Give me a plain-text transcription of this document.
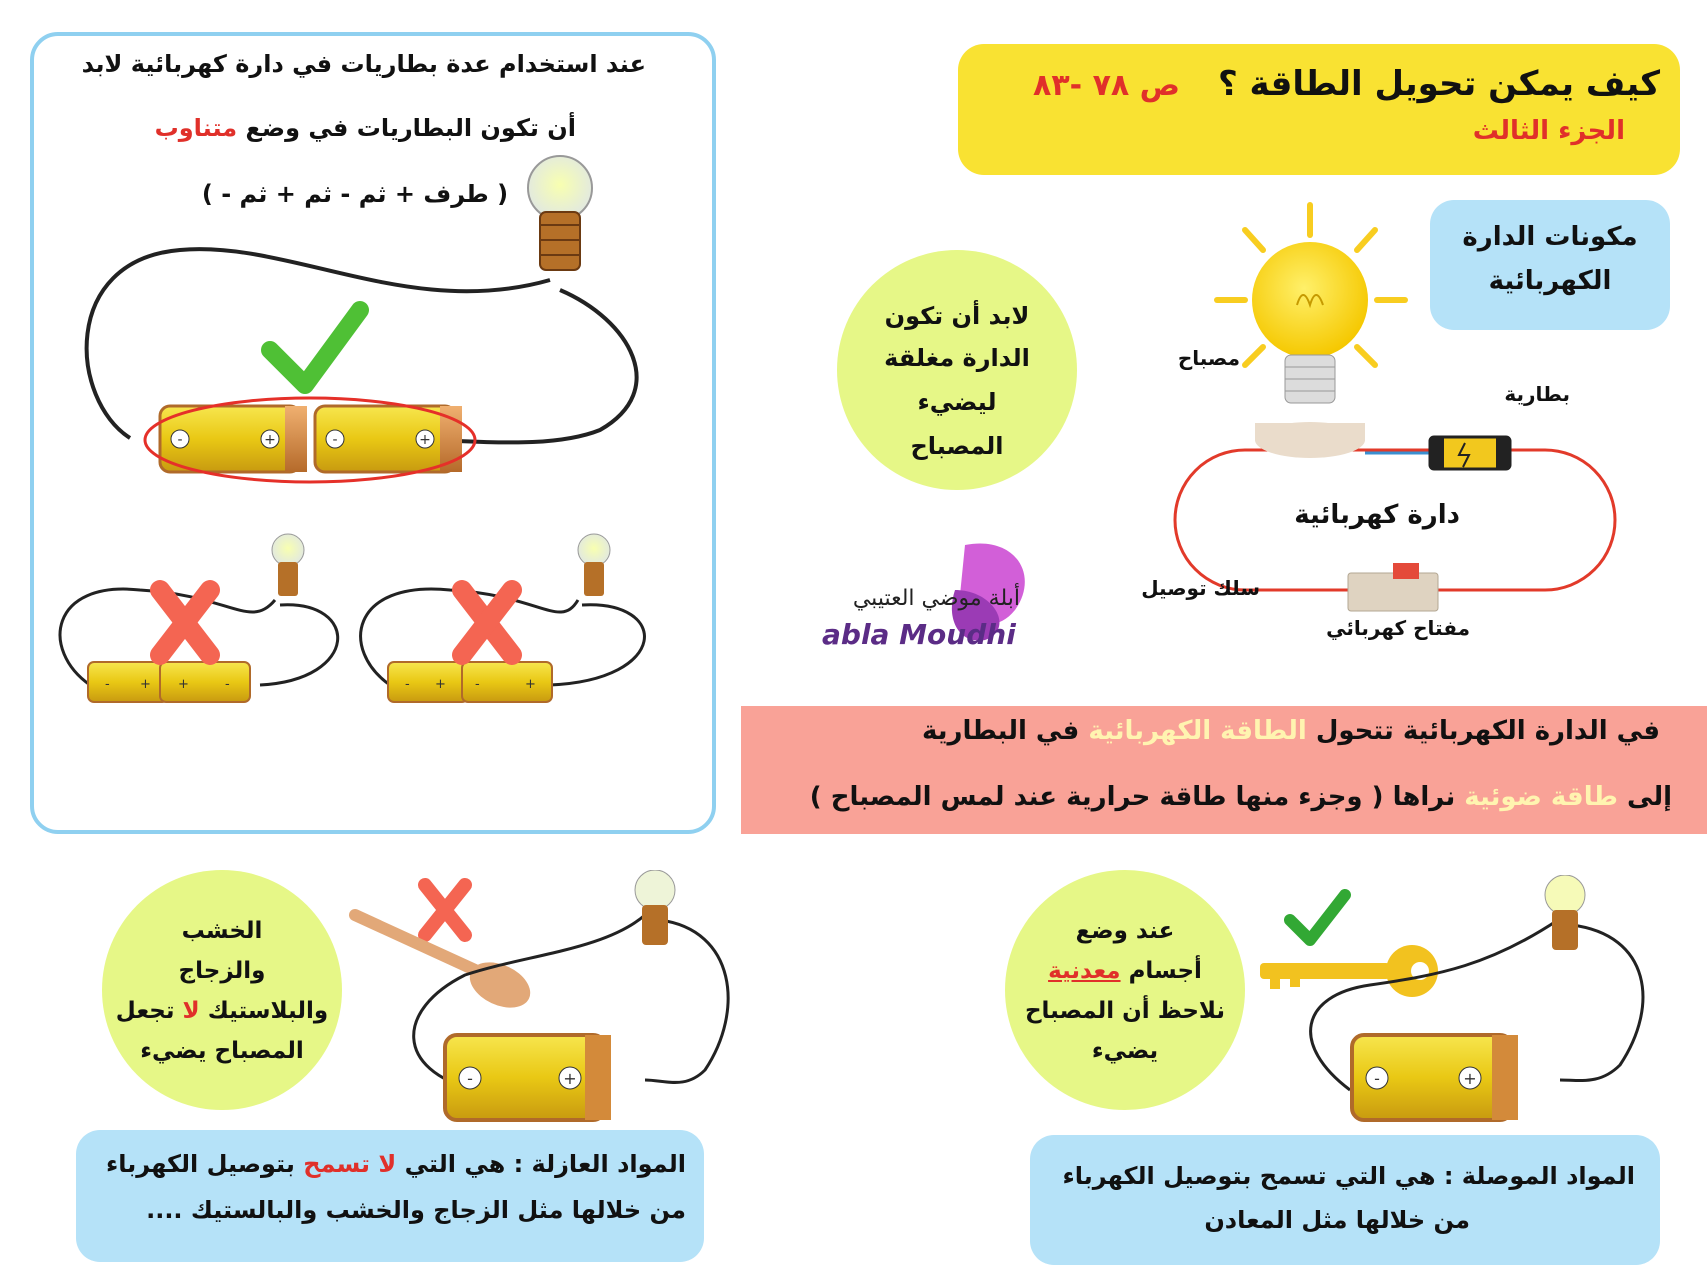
عند استخدام عدة بطاريات في دارة كهربائية لابد
أن تكون البطاريات في وضع متناوب
( طرف + ثم - ثم + ثم - )
-	+	-	+
- + +	-	- + -	+
كيف يمكن تحويل الطاقة ؟
ص ٧٨ -٨٣
الجزء الثالث
مكونات الدارة
الكهربائية
مصباح
بطارية
دارة كهربائية
سلك توصيل
مفتاح كهربائي
لابد أن تكون
الدارة مغلقة
ليضيء
المصباح
أبلة موضي العتيبي
abla Moudhi
في الدارة الكهربائية تتحول الطاقة الكهربائية في البطارية
إلى طاقة ضوئية نراها ( وجزء منها طاقة حرارية عند لمس المصباح )
الخشب
والزجاج
والبلاستيك لا تجعل
المصباح يضيء
-	+
المواد العازلة : هي التي لا تسمح بتوصيل الكهرباء
من خلالها مثل الزجاج والخشب والبالستيك ....
عند وضع
أجسام معدنية
نلاحظ أن المصباح
يضيء
-	+
المواد الموصلة : هي التي تسمح بتوصيل الكهرباء
من خلالها مثل المعادن
